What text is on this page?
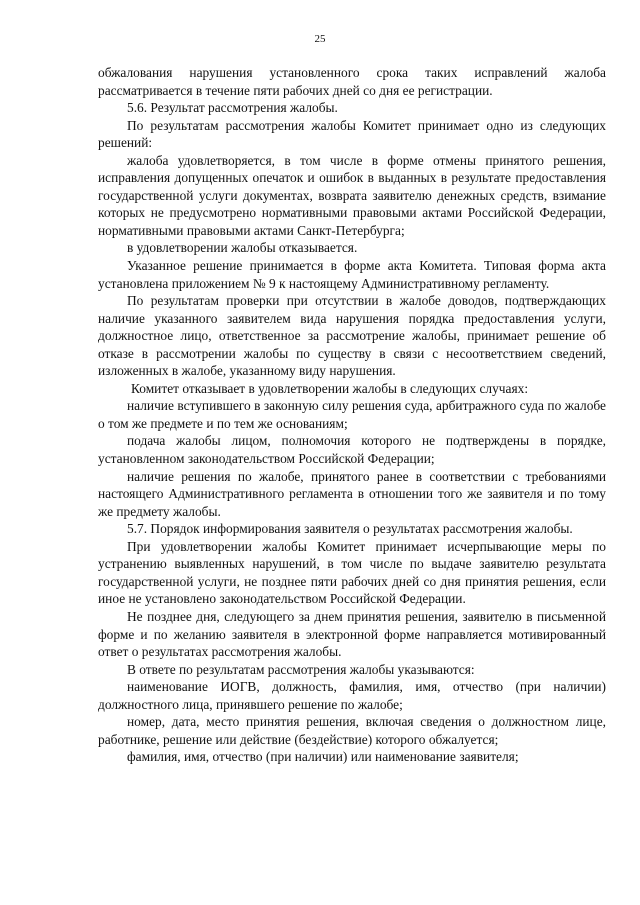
25

обжалования нарушения установленного срока таких исправлений жалоба рассматривается в течение пяти рабочих дней со дня ее регистрации.

5.6. Результат рассмотрения жалобы.

По результатам рассмотрения жалобы Комитет принимает одно из следующих решений:

жалоба удовлетворяется, в том числе в форме отмены принятого решения, исправления допущенных опечаток и ошибок в выданных в результате предоставления государственной услуги документах, возврата заявителю денежных средств, взимание которых не предусмотрено нормативными правовыми актами Российской Федерации, нормативными правовыми актами Санкт-Петербурга;

в удовлетворении жалобы отказывается.

Указанное решение принимается в форме акта Комитета. Типовая форма акта установлена приложением № 9 к настоящему Административному регламенту.

По результатам проверки при отсутствии в жалобе доводов, подтверждающих наличие указанного заявителем вида нарушения порядка предоставления услуги, должностное лицо, ответственное за рассмотрение жалобы, принимает решение об отказе в рассмотрении жалобы по существу в связи с несоответствием сведений, изложенных в жалобе, указанному виду нарушения.

Комитет отказывает в удовлетворении жалобы в следующих случаях:

наличие вступившего в законную силу решения суда, арбитражного суда по жалобе о том же предмете и по тем же основаниям;

подача жалобы лицом, полномочия которого не подтверждены в порядке, установленном законодательством Российской Федерации;

наличие решения по жалобе, принятого ранее в соответствии с требованиями настоящего Административного регламента в отношении того же заявителя и по тому же предмету жалобы.

5.7. Порядок информирования заявителя о результатах рассмотрения жалобы.

При удовлетворении жалобы Комитет принимает исчерпывающие меры по устранению выявленных нарушений, в том числе по выдаче заявителю результата государственной услуги, не позднее пяти рабочих дней со дня принятия решения, если иное не установлено законодательством Российской Федерации.

Не позднее дня, следующего за днем принятия решения, заявителю в письменной форме и по желанию заявителя в электронной форме направляется мотивированный ответ о результатах рассмотрения жалобы.

В ответе по результатам рассмотрения жалобы указываются:

наименование ИОГВ, должность, фамилия, имя, отчество (при наличии) должностного лица, принявшего решение по жалобе;

номер, дата, место принятия решения, включая сведения о должностном лице, работнике, решение или действие (бездействие) которого обжалуется;

фамилия, имя, отчество (при наличии) или наименование заявителя;
